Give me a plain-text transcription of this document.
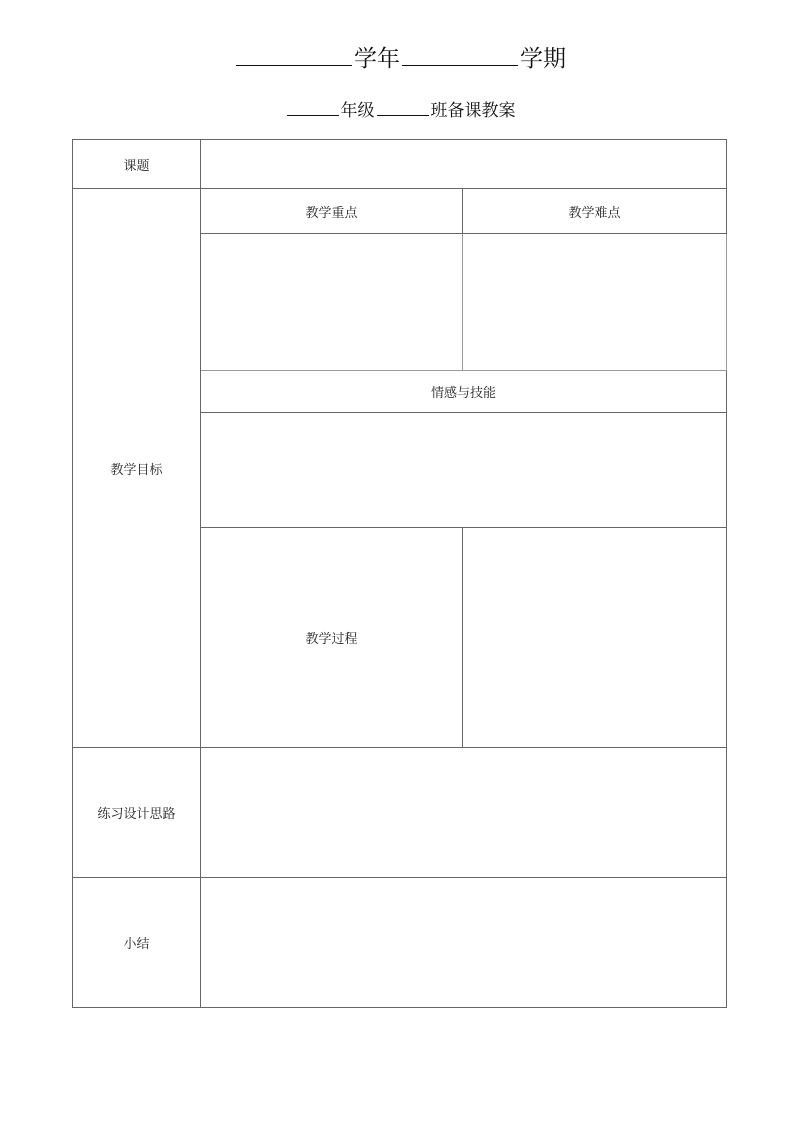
学年	学期
年级	班备课教案
课题		
教学目标	教学重点	教学难点

	情感与技能	

	教学过程	
练习设计思路		
小结		
